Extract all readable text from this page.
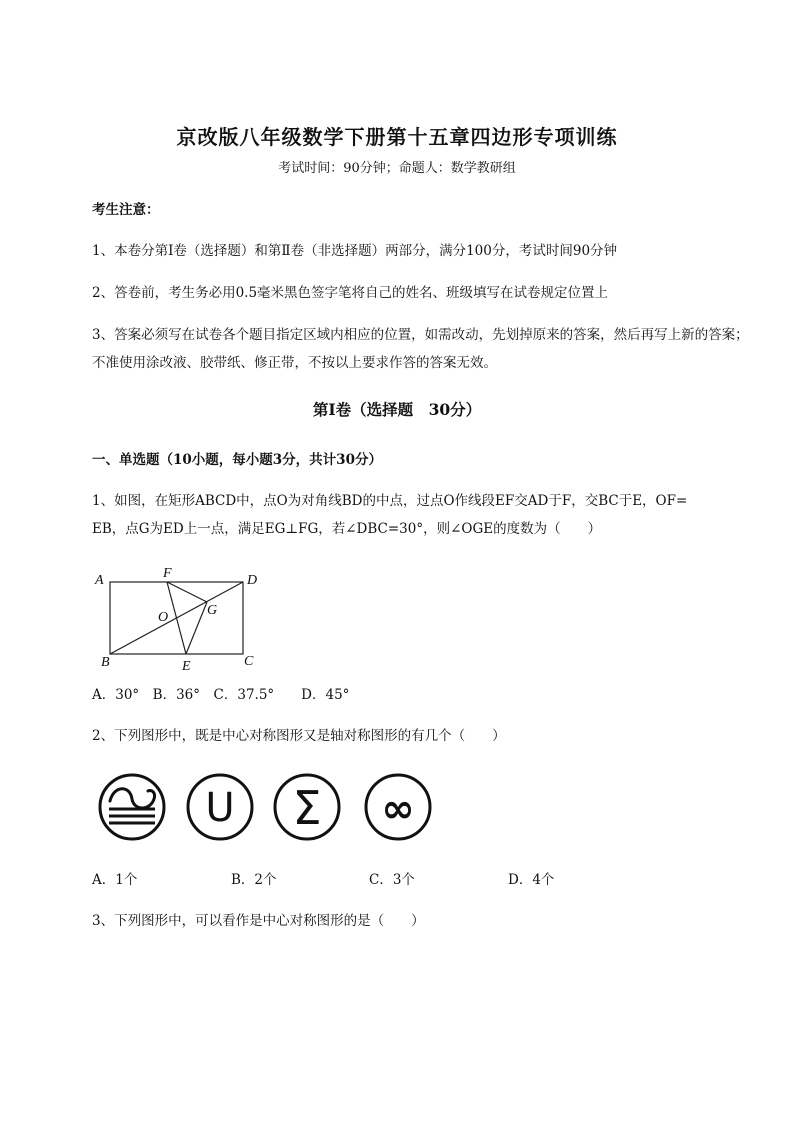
京改版八年级数学下册第十五章四边形专项训练
考试时间：90分钟；命题人：数学教研组
考生注意：
1、本卷分第I卷（选择题）和第Ⅱ卷（非选择题）两部分，满分100分，考试时间90分钟
2、答卷前，考生务必用0.5毫米黑色签字笔将自己的姓名、班级填写在试卷规定位置上
3、答案必须写在试卷各个题目指定区域内相应的位置，如需改动，先划掉原来的答案，然后再写上新的答案；不准使用涂改液、胶带纸、修正带，不按以上要求作答的答案无效。
第I卷（选择题　30分）
一、单选题（10小题，每小题3分，共计30分）
1、如图，在矩形ABCD中，点O为对角线BD的中点，过点O作线段EF交AD于F，交BC于E，OF=
EB，点G为ED上一点，满足EG⊥FG，若∠DBC=30°，则∠OGE的度数为（　　）
A	F	D
G
O
B	E	C
A．30°　B．36°　C．37.5°　　D．45°
2、下列图形中，既是中心对称图形又是轴对称图形的有几个（　　）
U Σ ∞
A．1个	B．2个	C．3个	D．4个
3、下列图形中，可以看作是中心对称图形的是（　　）
